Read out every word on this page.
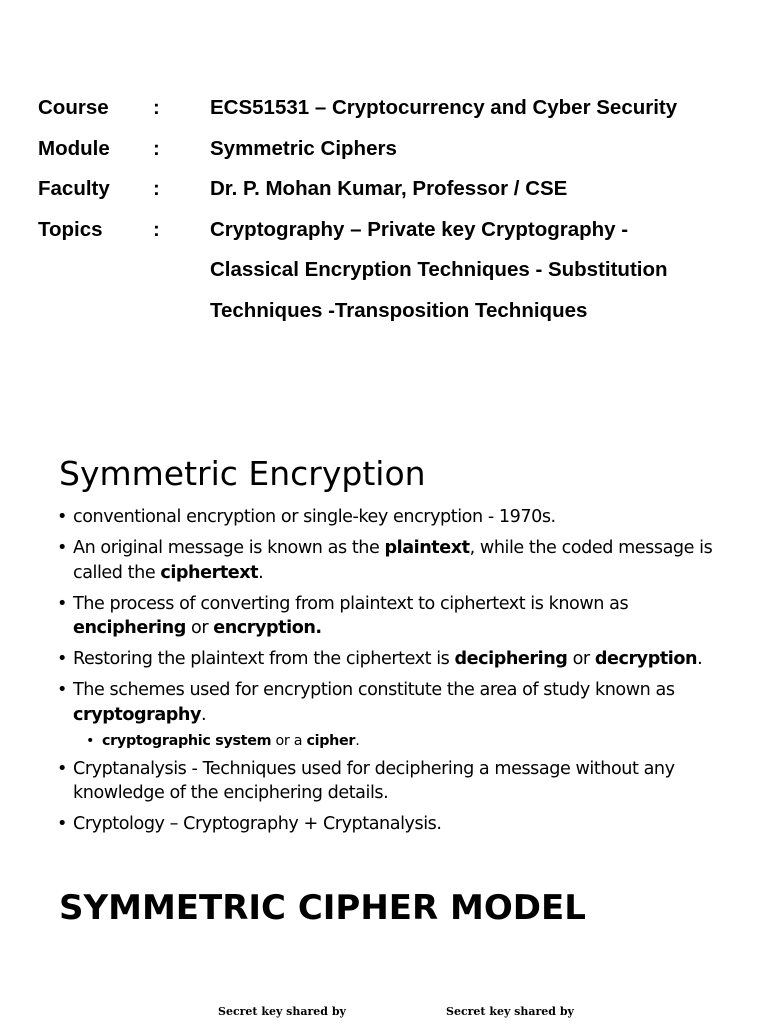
Course : ECS51531 – Cryptocurrency and Cyber Security
Module : Symmetric Ciphers
Faculty : Dr. P. Mohan Kumar, Professor / CSE
Topics : Cryptography – Private key Cryptography -
Classical Encryption Techniques - Substitution
Techniques -Transposition Techniques
Symmetric Encryption
• conventional encryption or single-key encryption - 1970s.
• An original message is known as the plaintext, while the coded message is called the ciphertext.
• The process of converting from plaintext to ciphertext is known as enciphering or encryption.
• Restoring the plaintext from the ciphertext is deciphering or decryption.
• The schemes used for encryption constitute the area of study known as cryptography.
• cryptographic system or a cipher.
• Cryptanalysis - Techniques used for deciphering a message without any knowledge of the enciphering details.
• Cryptology – Cryptography + Cryptanalysis.
SYMMETRIC CIPHER MODEL
Secret key shared by	Secret key shared by
